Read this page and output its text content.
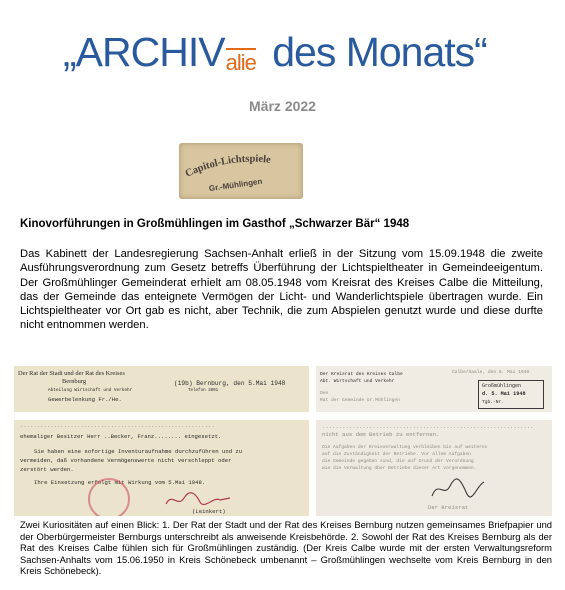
„ARCHIV
alie des Monats“
März 2022
Capitol-Lichtspiele
Gr.-Mühlingen
Kinovorführungen in Großmühlingen im Gasthof „Schwarzer Bär“ 1948
Das Kabinett der Landesregierung Sachsen-Anhalt erließ in der Sitzung vom 15.09.1948 die zweite Ausführungsverordnung zum Gesetz betreffs Überführung der Lichtspieltheater in Gemeindeeigentum. Der Großmühlinger Gemeinderat erhielt am 08.05.1948 vom Kreisrat des Kreises Calbe die Mitteilung, das der Gemeinde das enteignete Vermögen der Licht- und Wanderlichtspiele übertragen wurde. Ein Lichtspieltheater vor Ort gab es nicht, aber Technik, die zum Abspielen genutzt wurde und diese durfte nicht entnommen werden.
Der Rat der Stadt und der Rat des Kreises
Bernburg
Abteilung Wirtschaft und Verkehr
Gewerbelenkung Fr./He.
(19b) Bernburg, den 5.Mai 1948
Telefon 3801
Calbe/Saale, den 8. Mai 1948
Der Kreisrat des Kreises Calbe
Abt. Wirtschaft und Verkehr
Den
Rat der Gemeinde Gr.Mühlingen
Großmühlingen
d. 5. Mai 1948
Tgb.-Nr.
..........................................................
ehemaliger Besitzer Herr ..Becker, Franz........ eingesetzt.
Sie haben eine sofortige Inventuraufnahme durchzuführen und zu
vermeiden, daß vorhandene Vermögenswerte nicht verschleppt oder
zerstört werden.
Ihre Einsetzung erfolgt mit Wirkung vom 5.Mai 1948.
(Leinkert)
...............................................................
nicht aus dem Betrieb zu entfernen.
Die Aufgaben der Kreisverwaltung verbleiben bis auf weiteres
auf die Zuständigkeit der Betriebe. Vor allem Aufgaben
die Gemeinde gegeben sind, die auf Grund der Verordnung
wie die Verwaltung über Betriebe dieser Art vorgenommen.
Der Kreisrat
Zwei Kuriositäten auf einen Blick: 1. Der Rat der Stadt und der Rat des Kreises Bernburg nutzen gemeinsames Briefpapier und der Oberbürgermeister Bernburgs unterschreibt als anweisende Kreisbehörde. 2. Sowohl der Rat des Kreises Bernburg als der Rat des Kreises Calbe fühlen sich für Großmühlingen zuständig. (Der Kreis Calbe wurde mit der ersten Verwaltungsreform Sachsen-Anhalts vom 15.06.1950 in Kreis Schönebeck umbenannt – Großmühlingen wechselte vom Kreis Bernburg in den Kreis Schönebeck).
